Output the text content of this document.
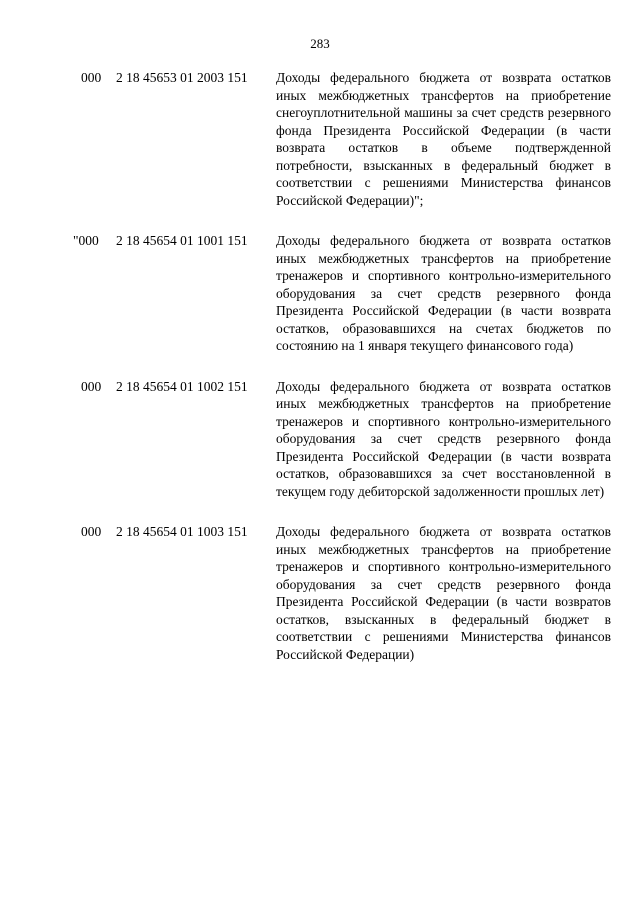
283
000 2 18 45653 01 2003 151 Доходы федерального бюджета от возврата остатков иных межбюджетных трансфертов на приобретение снегоуплотнительной машины за счет средств резервного фонда Президента Российской Федерации (в части возврата остатков в объеме подтвержденной потребности, взысканных в федеральный бюджет в соответствии с решениями Министерства финансов Российской Федерации)";
"000 2 18 45654 01 1001 151 Доходы федерального бюджета от возврата остатков иных межбюджетных трансфертов на приобретение тренажеров и спортивного контрольно-измерительного оборудования за счет средств резервного фонда Президента Российской Федерации (в части возврата остатков, образовавшихся на счетах бюджетов по состоянию на 1 января текущего финансового года)
000 2 18 45654 01 1002 151 Доходы федерального бюджета от возврата остатков иных межбюджетных трансфертов на приобретение тренажеров и спортивного контрольно-измерительного оборудования за счет средств резервного фонда Президента Российской Федерации (в части возврата остатков, образовавшихся за счет восстановленной в текущем году дебиторской задолженности прошлых лет)
000 2 18 45654 01 1003 151 Доходы федерального бюджета от возврата остатков иных межбюджетных трансфертов на приобретение тренажеров и спортивного контрольно-измерительного оборудования за счет средств резервного фонда Президента Российской Федерации (в части возвратов остатков, взысканных в федеральный бюджет в соответствии с решениями Министерства финансов Российской Федерации)
